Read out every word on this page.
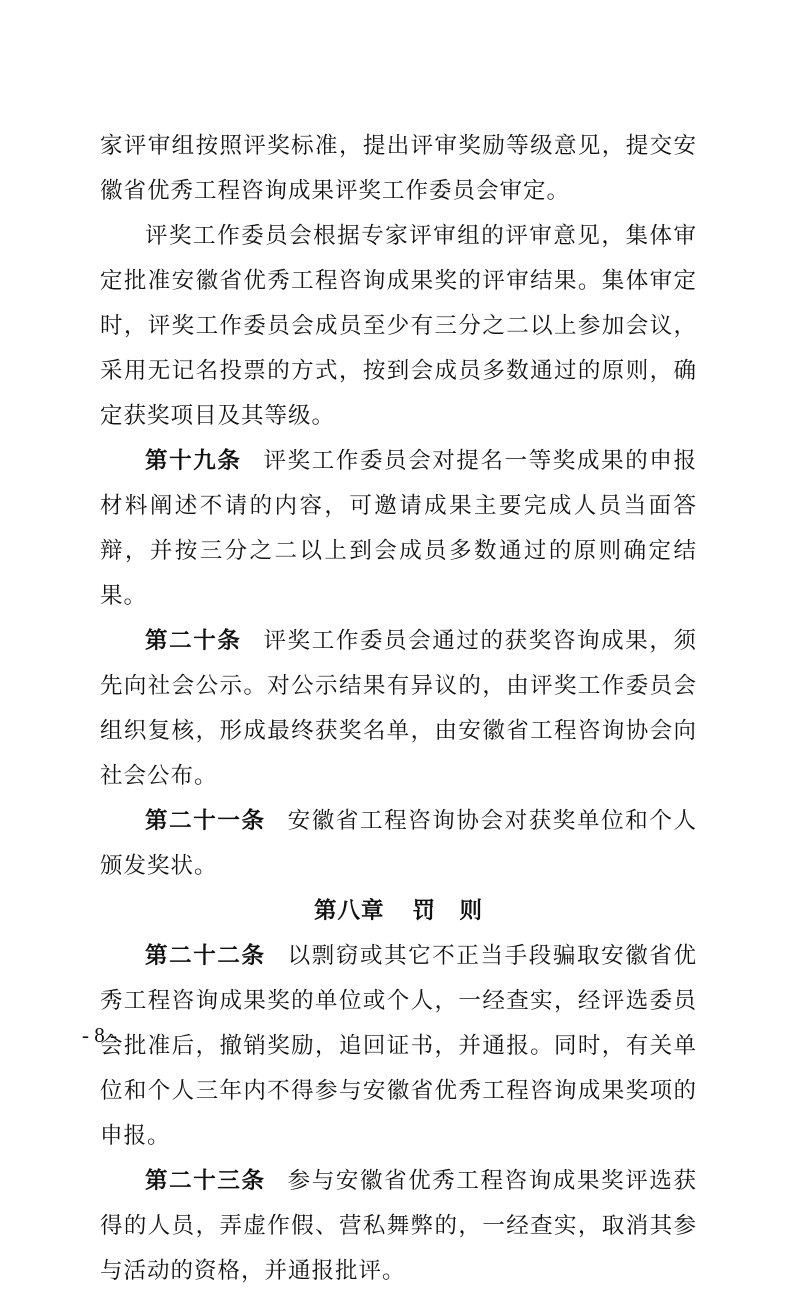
家评审组按照评奖标准，提出评审奖励等级意见，提交安徽省优秀工程咨询成果评奖工作委员会审定。

评奖工作委员会根据专家评审组的评审意见，集体审定批准安徽省优秀工程咨询成果奖的评审结果。集体审定时，评奖工作委员会成员至少有三分之二以上参加会议，采用无记名投票的方式，按到会成员多数通过的原则，确定获奖项目及其等级。

第十九条 评奖工作委员会对提名一等奖成果的申报材料阐述不请的内容，可邀请成果主要完成人员当面答辩，并按三分之二以上到会成员多数通过的原则确定结果。

第二十条 评奖工作委员会通过的获奖咨询成果，须先向社会公示。对公示结果有异议的，由评奖工作委员会组织复核，形成最终获奖名单，由安徽省工程咨询协会向社会公布。

第二十一条 安徽省工程咨询协会对获奖单位和个人颁发奖状。

第八章 罚　则

第二十二条 以剽窃或其它不正当手段骗取安徽省优秀工程咨询成果奖的单位或个人，一经查实，经评选委员会批准后，撤销奖励，追回证书，并通报。同时，有关单位和个人三年内不得参与安徽省优秀工程咨询成果奖项的申报。

第二十三条 参与安徽省优秀工程咨询成果奖评选获得的人员，弄虚作假、营私舞弊的，一经查实，取消其参与活动的资格，并通报批评。

- 8 -
